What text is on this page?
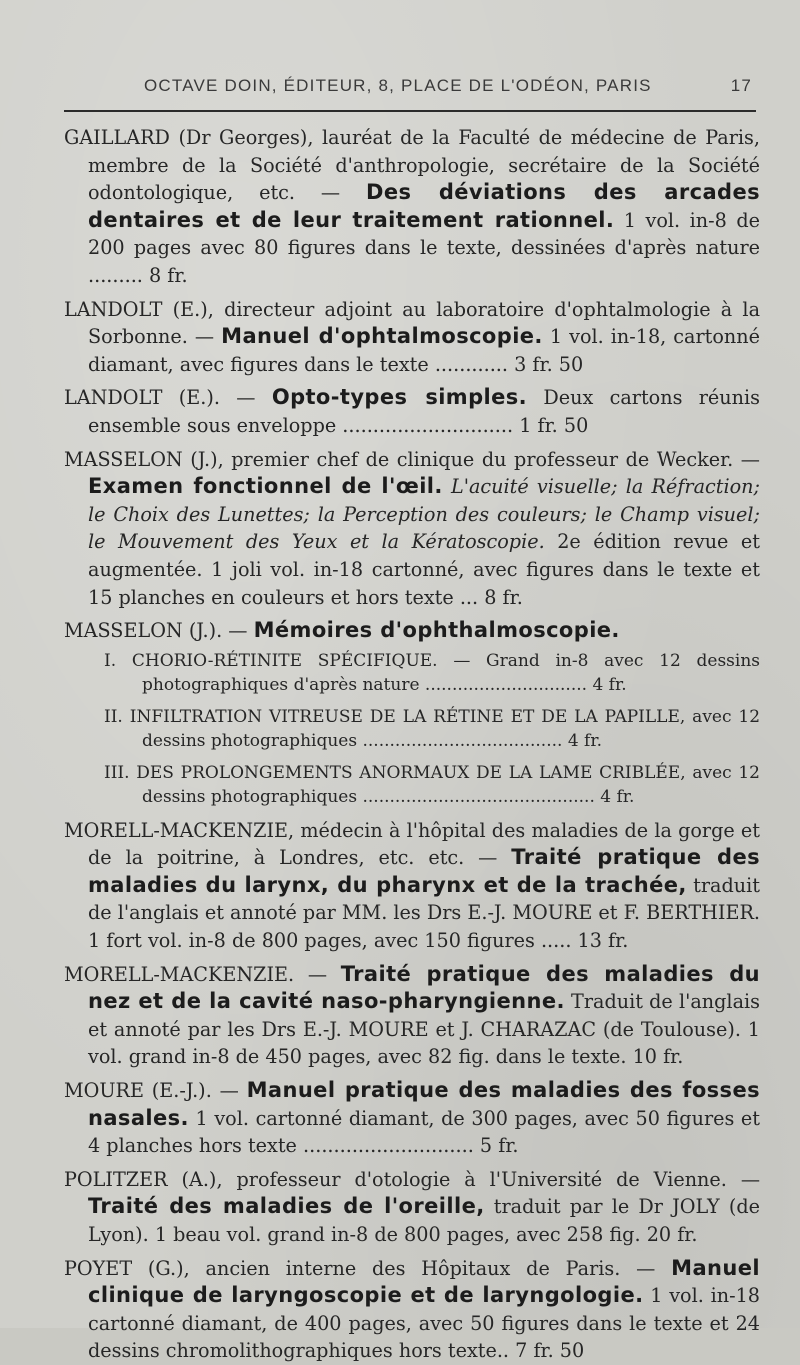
OCTAVE DOIN, ÉDITEUR, 8, PLACE DE L'ODÉON, PARIS	17

GAILLARD (Dr Georges), lauréat de la Faculté de médecine de Paris, membre de la Société d'anthropologie, secrétaire de la Société odontologique, etc. — Des déviations des arcades dentaires et de leur traitement rationnel. 1 vol. in-8 de 200 pages avec 80 figures dans le texte, dessinées d'après nature ......... 8 fr.

LANDOLT (E.), directeur adjoint au laboratoire d'ophtalmologie à la Sorbonne. — Manuel d'ophtalmoscopie. 1 vol. in-18, cartonné diamant, avec figures dans le texte ............ 3 fr. 50

LANDOLT (E.). — Opto-types simples. Deux cartons réunis ensemble sous enveloppe ............................ 1 fr. 50

MASSELON (J.), premier chef de clinique du professeur de Wecker. — Examen fonctionnel de l'œil. L'acuité visuelle; la Réfraction; le Choix des Lunettes; la Perception des couleurs; le Champ visuel; le Mouvement des Yeux et la Kératoscopie. 2e édition revue et augmentée. 1 joli vol. in-18 cartonné, avec figures dans le texte et 15 planches en couleurs et hors texte ... 8 fr.

MASSELON (J.). — Mémoires d'ophthalmoscopie.

I. CHORIO-RÉTINITE SPÉCIFIQUE. — Grand in-8 avec 12 dessins photographiques d'après nature .............................. 4 fr.

II. INFILTRATION VITREUSE DE LA RÉTINE ET DE LA PAPILLE, avec 12 dessins photographiques ..................................... 4 fr.

III. DES PROLONGEMENTS ANORMAUX DE LA LAME CRIBLÉE, avec 12 dessins photographiques ........................................... 4 fr.

MORELL-MACKENZIE, médecin à l'hôpital des maladies de la gorge et de la poitrine, à Londres, etc. etc. — Traité pratique des maladies du larynx, du pharynx et de la trachée, traduit de l'anglais et annoté par MM. les Drs E.-J. MOURE et F. BERTHIER. 1 fort vol. in-8 de 800 pages, avec 150 figures ..... 13 fr.

MORELL-MACKENZIE. — Traité pratique des maladies du nez et de la cavité naso-pharyngienne. Traduit de l'anglais et annoté par les Drs E.-J. MOURE et J. CHARAZAC (de Toulouse). 1 vol. grand in-8 de 450 pages, avec 82 fig. dans le texte. 10 fr.

MOURE (E.-J.). — Manuel pratique des maladies des fosses nasales. 1 vol. cartonné diamant, de 300 pages, avec 50 figures et 4 planches hors texte ............................ 5 fr.

POLITZER (A.), professeur d'otologie à l'Université de Vienne. — Traité des maladies de l'oreille, traduit par le Dr JOLY (de Lyon). 1 beau vol. grand in-8 de 800 pages, avec 258 fig. 20 fr.

POYET (G.), ancien interne des Hôpitaux de Paris. — Manuel clinique de laryngoscopie et de laryngologie. 1 vol. in-18 cartonné diamant, de 400 pages, avec 50 figures dans le texte et 24 dessins chromolithographiques hors texte.. 7 fr. 50
